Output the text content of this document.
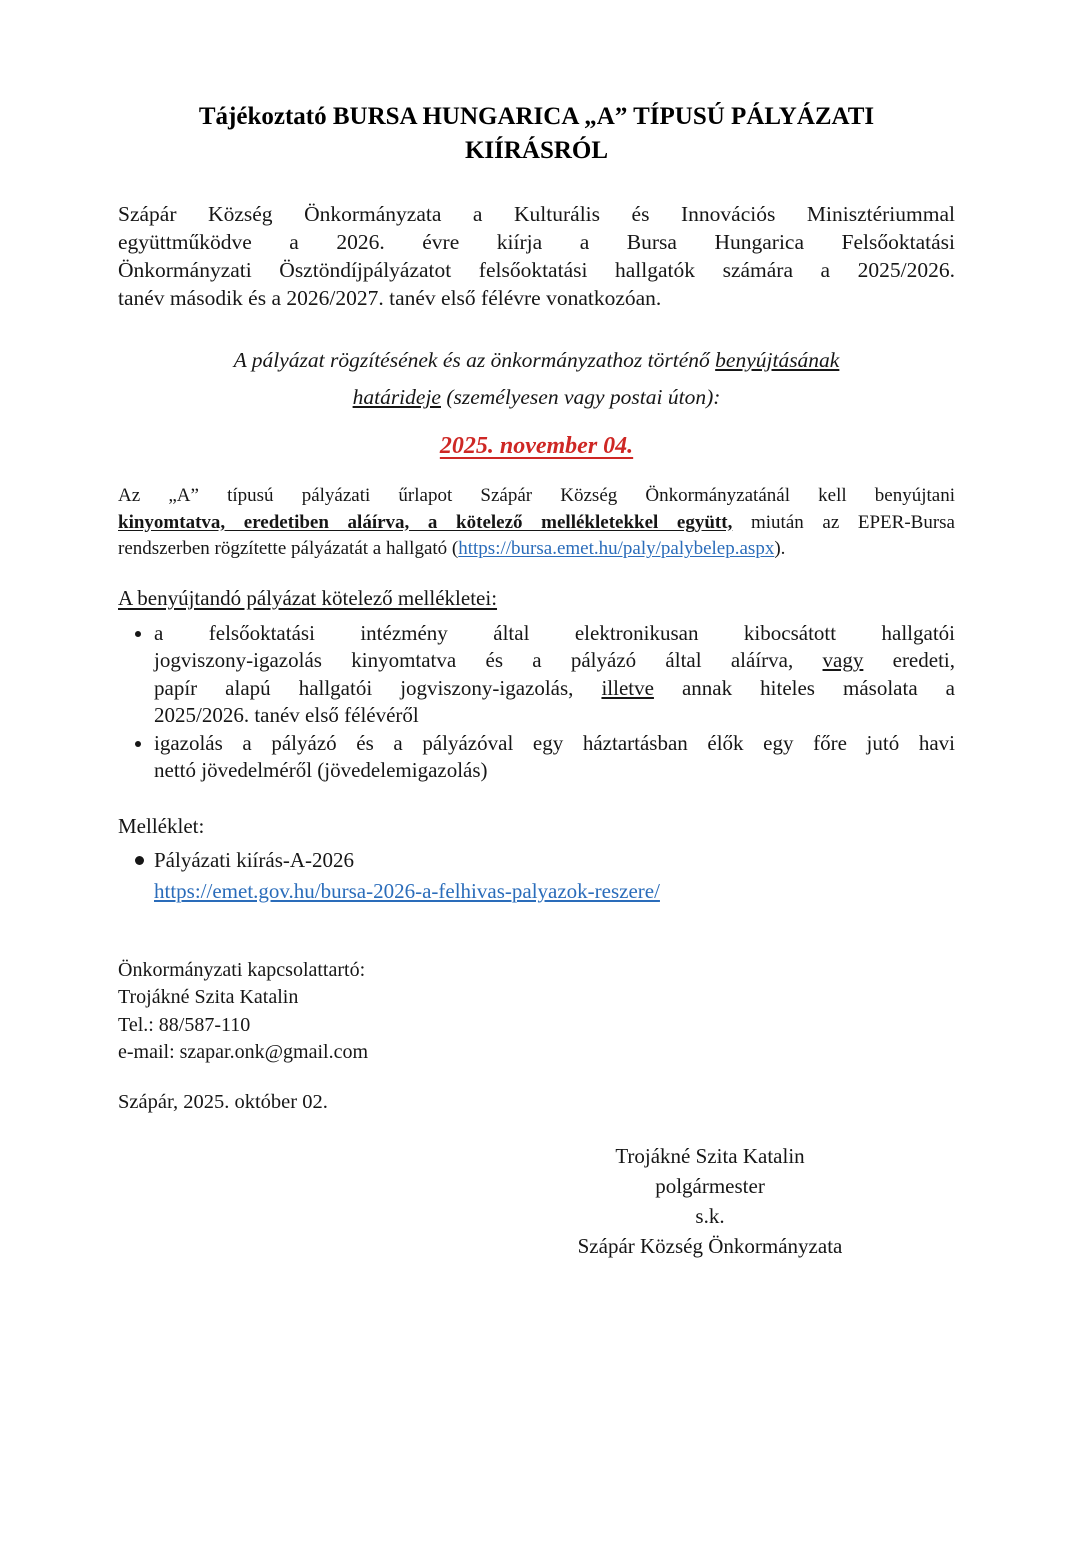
Tájékoztató BURSA HUNGARICA „A” TÍPUSÚ PÁLYÁZATI
KIÍRÁSRÓL
Szápár Község Önkormányzata a Kulturális és Innovációs Minisztériummal
együttműködve a 2026. évre kiírja a Bursa Hungarica Felsőoktatási
Önkormányzati Ösztöndíjpályázatot felsőoktatási hallgatók számára a 2025/2026.
tanév második és a 2026/2027. tanév első félévre vonatkozóan.
A pályázat rögzítésének és az önkormányzathoz történő benyújtásának
határideje (személyesen vagy postai úton):
2025. november 04.
Az „A” típusú pályázati űrlapot Szápár Község Önkormányzatánál kell benyújtani
kinyomtatva, eredetiben aláírva, a kötelező mellékletekkel együtt, miután az EPER-Bursa
rendszerben rögzítette pályázatát a hallgató (https://bursa.emet.hu/paly/palybelep.aspx).
A benyújtandó pályázat kötelező mellékletei:
a felsőoktatási intézmény által elektronikusan kibocsátott hallgatói
jogviszony-igazolás kinyomtatva és a pályázó által aláírva, vagy eredeti,
papír alapú hallgatói jogviszony-igazolás, illetve annak hiteles másolata a
2025/2026. tanév első félévéről
igazolás a pályázó és a pályázóval egy háztartásban élők egy főre jutó havi
nettó jövedelméről (jövedelemigazolás)
Melléklet:
Pályázati kiírás-A-2026
https://emet.gov.hu/bursa-2026-a-felhivas-palyazok-reszere/
Önkormányzati kapcsolattartó:
Trojákné Szita Katalin
Tel.: 88/587-110
e-mail: szapar.onk@gmail.com
Szápár, 2025. október 02.
Trojákné Szita Katalin
polgármester
s.k.
Szápár Község Önkormányzata
